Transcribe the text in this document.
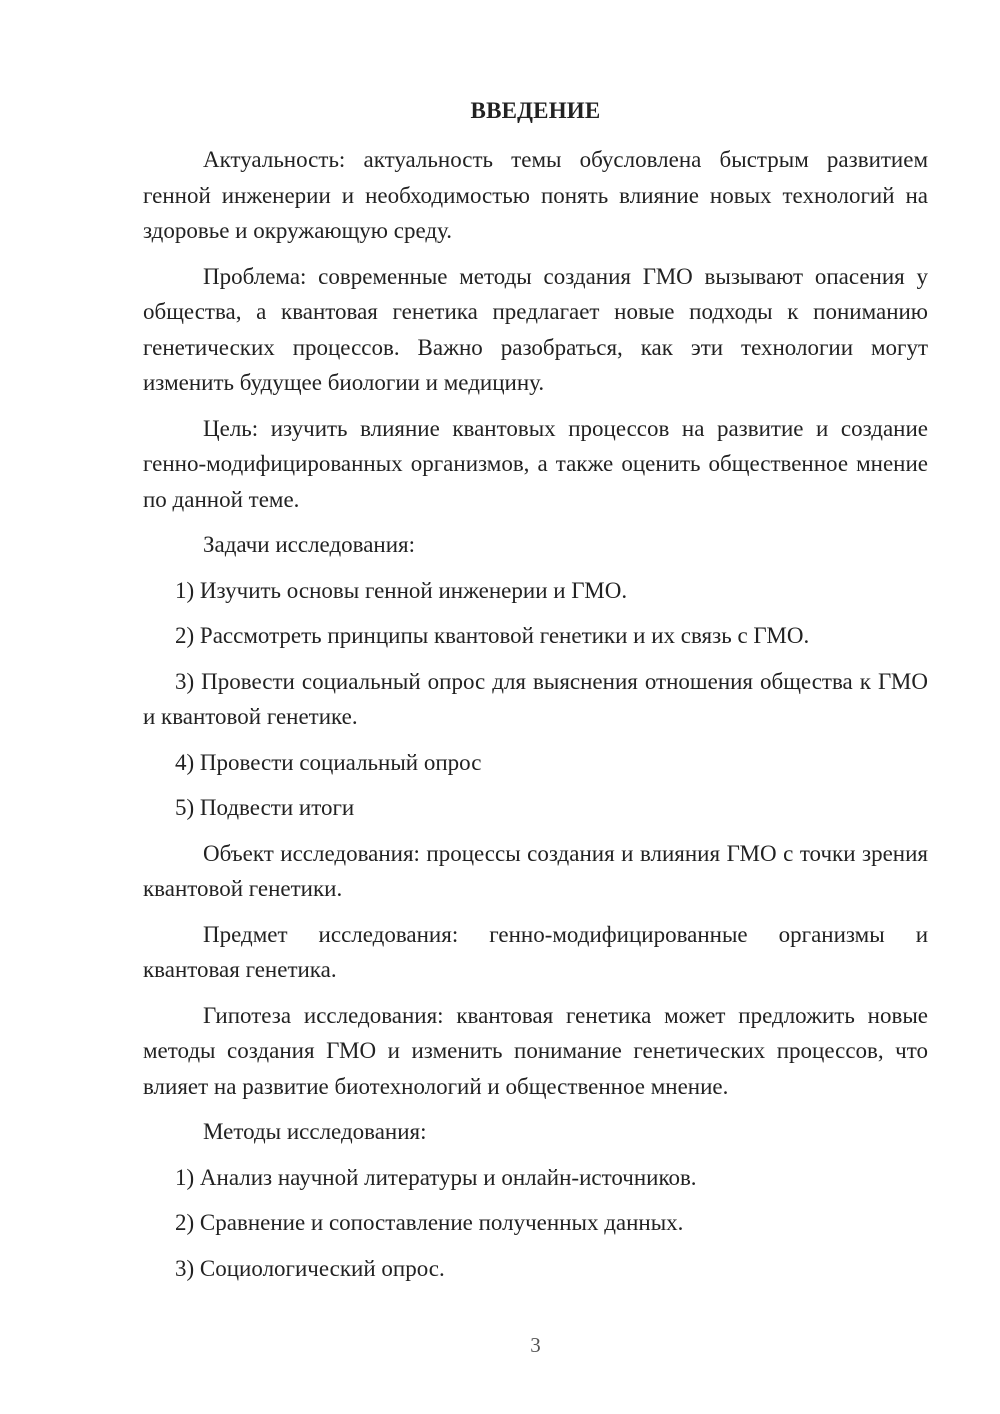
ВВЕДЕНИЕ

Актуальность: актуальность темы обусловлена быстрым развитием генной инженерии и необходимостью понять влияние новых технологий на здоровье и окружающую среду.

Проблема: современные методы создания ГМО вызывают опасения у общества, а квантовая генетика предлагает новые подходы к пониманию генетических процессов. Важно разобраться, как эти технологии могут изменить будущее биологии и медицину.

Цель: изучить влияние квантовых процессов на развитие и создание генно-модифицированных организмов, а также оценить общественное мнение по данной теме.

Задачи исследования:

1) Изучить основы генной инженерии и ГМО.

2) Рассмотреть принципы квантовой генетики и их связь с ГМО.

3) Провести социальный опрос для выяснения отношения общества к ГМО и квантовой генетике.

4) Провести социальный опрос

5) Подвести итоги

Объект исследования: процессы создания и влияния ГМО с точки зрения квантовой генетики.

Предмет исследования: генно-модифицированные организмы и квантовая генетика.

Гипотеза исследования: квантовая генетика может предложить новые методы создания ГМО и изменить понимание генетических процессов, что влияет на развитие биотехнологий и общественное мнение.

Методы исследования:

1) Анализ научной литературы и онлайн-источников.

2) Сравнение и сопоставление полученных данных.

3) Социологический опрос.

3
